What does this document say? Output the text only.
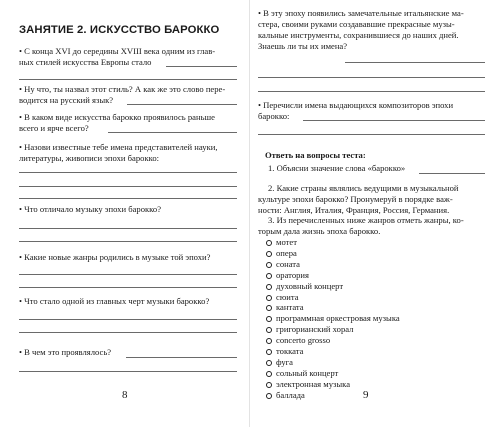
ЗАНЯТИЕ 2. ИСКУССТВО БАРОККО
• С конца XVI до середины XVIII века одним из глав-
ных стилей искусства Европы стало
• Ну что, ты назвал этот стиль? А как же это слово пере-
водится на русский язык?
• В каком виде искусства барокко проявилось раньше
всего и ярче всего?
• Назови известные тебе имена представителей науки,
литературы, живописи эпохи барокко:
• Что отличало музыку эпохи барокко?
• Какие новые жанры родились в музыке той эпохи?
• Что стало одной из главных черт музыки барокко?
• В чем это проявлялось?
8
• В эту эпоху появились замечательные итальянские ма-
стера, своими руками создававшие прекрасные музы-
кальные инструменты, сохранившиеся до наших дней.
Знаешь ли ты их имена?
• Перечисли имена выдающихся композиторов эпохи
барокко:
Ответь на вопросы теста:
1. Объясни значение слова «барокко»
2. Какие страны являлись ведущими в музыкальной
культуре эпохи барокко? Пронумеруй в порядке важ-
ности: Англия, Италия, Франция, Россия, Германия.
3. Из перечисленных ниже жанров отметь жанры, ко-
торым дала жизнь эпоха барокко.
мотет
опера
соната
оратория
духовный концерт
сюита
кантата
программная оркестровая музыка
григорианский хорал
concerto grosso
токката
фуга
сольный концерт
электронная музыка
баллада	9
